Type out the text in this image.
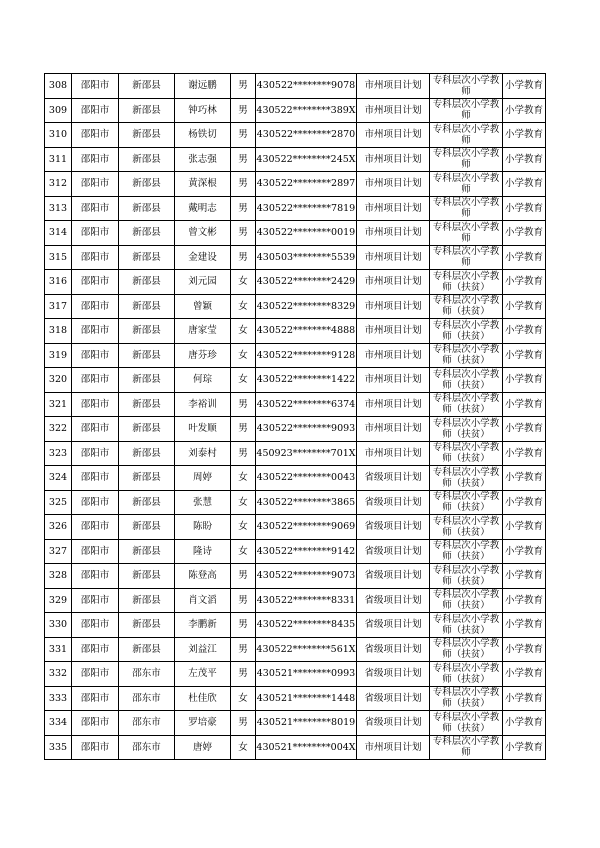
308	邵阳市	新邵县	谢远鹏	男	430522********9078	市州项目计划	专科层次小学教师	小学教育
309	邵阳市	新邵县	钟巧林	男	430522********389X	市州项目计划	专科层次小学教师	小学教育
310	邵阳市	新邵县	杨铁切	男	430522********2870	市州项目计划	专科层次小学教师	小学教育
311	邵阳市	新邵县	张志强	男	430522********245X	市州项目计划	专科层次小学教师	小学教育
312	邵阳市	新邵县	黄深根	男	430522********2897	市州项目计划	专科层次小学教师	小学教育
313	邵阳市	新邵县	戴明志	男	430522********7819	市州项目计划	专科层次小学教师	小学教育
314	邵阳市	新邵县	曾文彬	男	430522********0019	市州项目计划	专科层次小学教师	小学教育
315	邵阳市	新邵县	金建设	男	430503********5539	市州项目计划	专科层次小学教师	小学教育
316	邵阳市	新邵县	刘元园	女	430522********2429	市州项目计划	专科层次小学教师（扶贫）	小学教育
317	邵阳市	新邵县	曾颖	女	430522********8329	市州项目计划	专科层次小学教师（扶贫）	小学教育
318	邵阳市	新邵县	唐家莹	女	430522********4888	市州项目计划	专科层次小学教师（扶贫）	小学教育
319	邵阳市	新邵县	唐芬珍	女	430522********9128	市州项目计划	专科层次小学教师（扶贫）	小学教育
320	邵阳市	新邵县	何琮	女	430522********1422	市州项目计划	专科层次小学教师（扶贫）	小学教育
321	邵阳市	新邵县	李裕训	男	430522********6374	市州项目计划	专科层次小学教师（扶贫）	小学教育
322	邵阳市	新邵县	叶发顺	男	430522********9093	市州项目计划	专科层次小学教师（扶贫）	小学教育
323	邵阳市	新邵县	刘泰村	男	450923********701X	市州项目计划	专科层次小学教师（扶贫）	小学教育
324	邵阳市	新邵县	周婷	女	430522********0043	省级项目计划	专科层次小学教师（扶贫）	小学教育
325	邵阳市	新邵县	张慧	女	430522********3865	省级项目计划	专科层次小学教师（扶贫）	小学教育
326	邵阳市	新邵县	陈盼	女	430522********9069	省级项目计划	专科层次小学教师（扶贫）	小学教育
327	邵阳市	新邵县	隆诗	女	430522********9142	省级项目计划	专科层次小学教师（扶贫）	小学教育
328	邵阳市	新邵县	陈登高	男	430522********9073	省级项目计划	专科层次小学教师（扶贫）	小学教育
329	邵阳市	新邵县	肖文滔	男	430522********8331	省级项目计划	专科层次小学教师（扶贫）	小学教育
330	邵阳市	新邵县	李鹏新	男	430522********8435	省级项目计划	专科层次小学教师（扶贫）	小学教育
331	邵阳市	新邵县	刘益江	男	430522********561X	省级项目计划	专科层次小学教师（扶贫）	小学教育
332	邵阳市	邵东市	左茂平	男	430521********0993	省级项目计划	专科层次小学教师（扶贫）	小学教育
333	邵阳市	邵东市	杜佳欣	女	430521********1448	省级项目计划	专科层次小学教师（扶贫）	小学教育
334	邵阳市	邵东市	罗培豪	男	430521********8019	省级项目计划	专科层次小学教师（扶贫）	小学教育
335	邵阳市	邵东市	唐婷	女	430521********004X	市州项目计划	专科层次小学教师	小学教育
